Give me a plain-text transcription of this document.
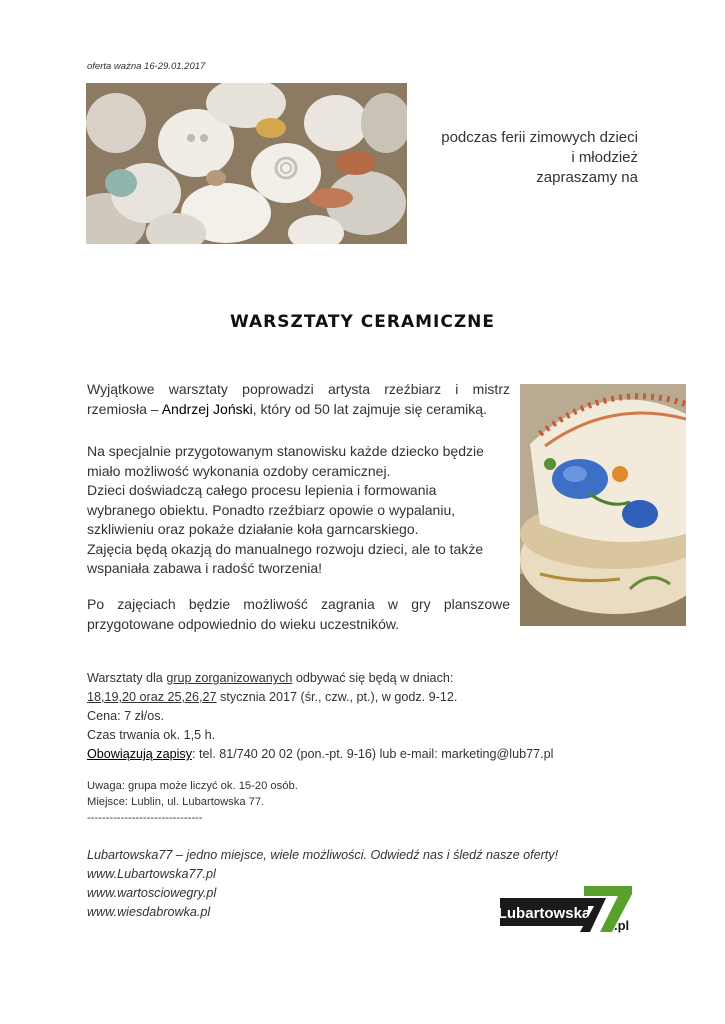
oferta ważna 16-29.01.2017
podczas ferii zimowych dzieci
i młodzież
zapraszamy na
WARSZTATY CERAMICZNE
Wyjątkowe warsztaty poprowadzi artysta rzeźbiarz i mistrz
rzemiosła – Andrzej Joński, który od 50 lat zajmuje się ceramiką.
Na specjalnie przygotowanym stanowisku każde dziecko będzie
miało możliwość wykonania ozdoby ceramicznej.
Dzieci doświadczą całego procesu lepienia i formowania
wybranego obiektu. Ponadto rzeźbiarz opowie o wypalaniu,
szkliwieniu oraz pokaże działanie koła garncarskiego.
Zajęcia będą okazją do manualnego rozwoju dzieci, ale to także
wspaniała zabawa i radość tworzenia!
Po zajęciach będzie możliwość zagrania w gry planszowe
przygotowane odpowiednio do wieku uczestników.
Warsztaty dla grup zorganizowanych odbywać się będą w dniach:
18,19,20 oraz 25,26,27 stycznia 2017 (śr., czw., pt.), w godz. 9-12.
Cena: 7 zł/os.
Czas trwania ok. 1,5 h.
Obowiązują zapisy: tel. 81/740 20 02 (pon.-pt. 9-16) lub e-mail: marketing@lub77.pl
Uwaga: grupa może liczyć ok. 15-20 osób.
Miejsce: Lublin, ul. Lubartowska 77.
-------------------------------
Lubartowska77 – jedno miejsce, wiele możliwości. Odwiedź nas i śledź nasze oferty!
www.Lubartowska77.pl
www.wartosciowegry.pl
www.wiesdabrowka.pl	Lubartowska
.pl
